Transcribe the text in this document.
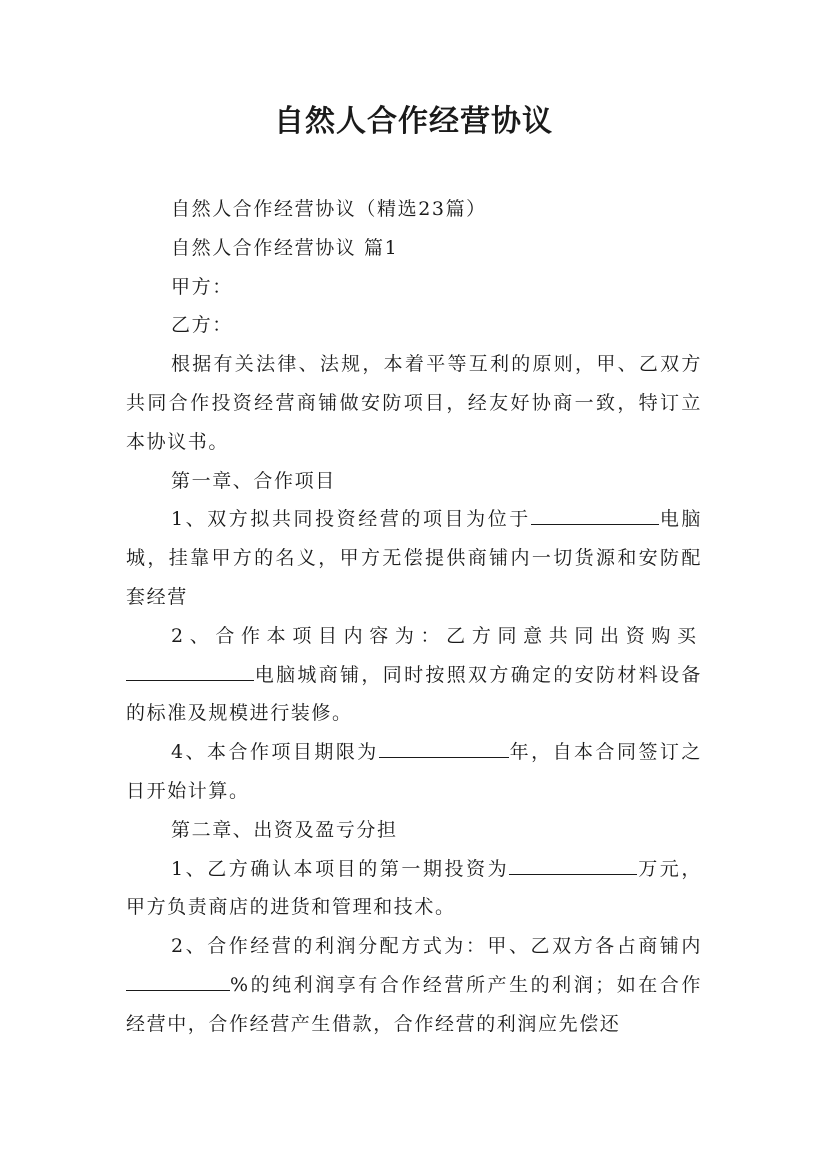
自然人合作经营协议

自然人合作经营协议（精选23篇）

自然人合作经营协议 篇1

甲方：

乙方：

根据有关法律、法规，本着平等互利的原则，甲、乙双方共同合作投资经营商铺做安防项目，经友好协商一致，特订立本协议书。

第一章、合作项目

1、双方拟共同投资经营的项目为位于	电脑城，挂靠甲方的名义，甲方无偿提供商铺内一切货源和安防配套经营

2、合作本项目内容为：乙方同意共同出资购买电脑城商铺，同时按照双方确定的安防材料设备的标准及规模进行装修。

4、本合作项目期限为	年，自本合同签订之日开始计算。

第二章、出资及盈亏分担

1、乙方确认本项目的第一期投资为	万元，甲方负责商店的进货和管理和技术。

2、合作经营的利润分配方式为：甲、乙双方各占商铺内%的纯利润享有合作经营所产生的利润；如在合作经营中，合作经营产生借款，合作经营的利润应先偿还
